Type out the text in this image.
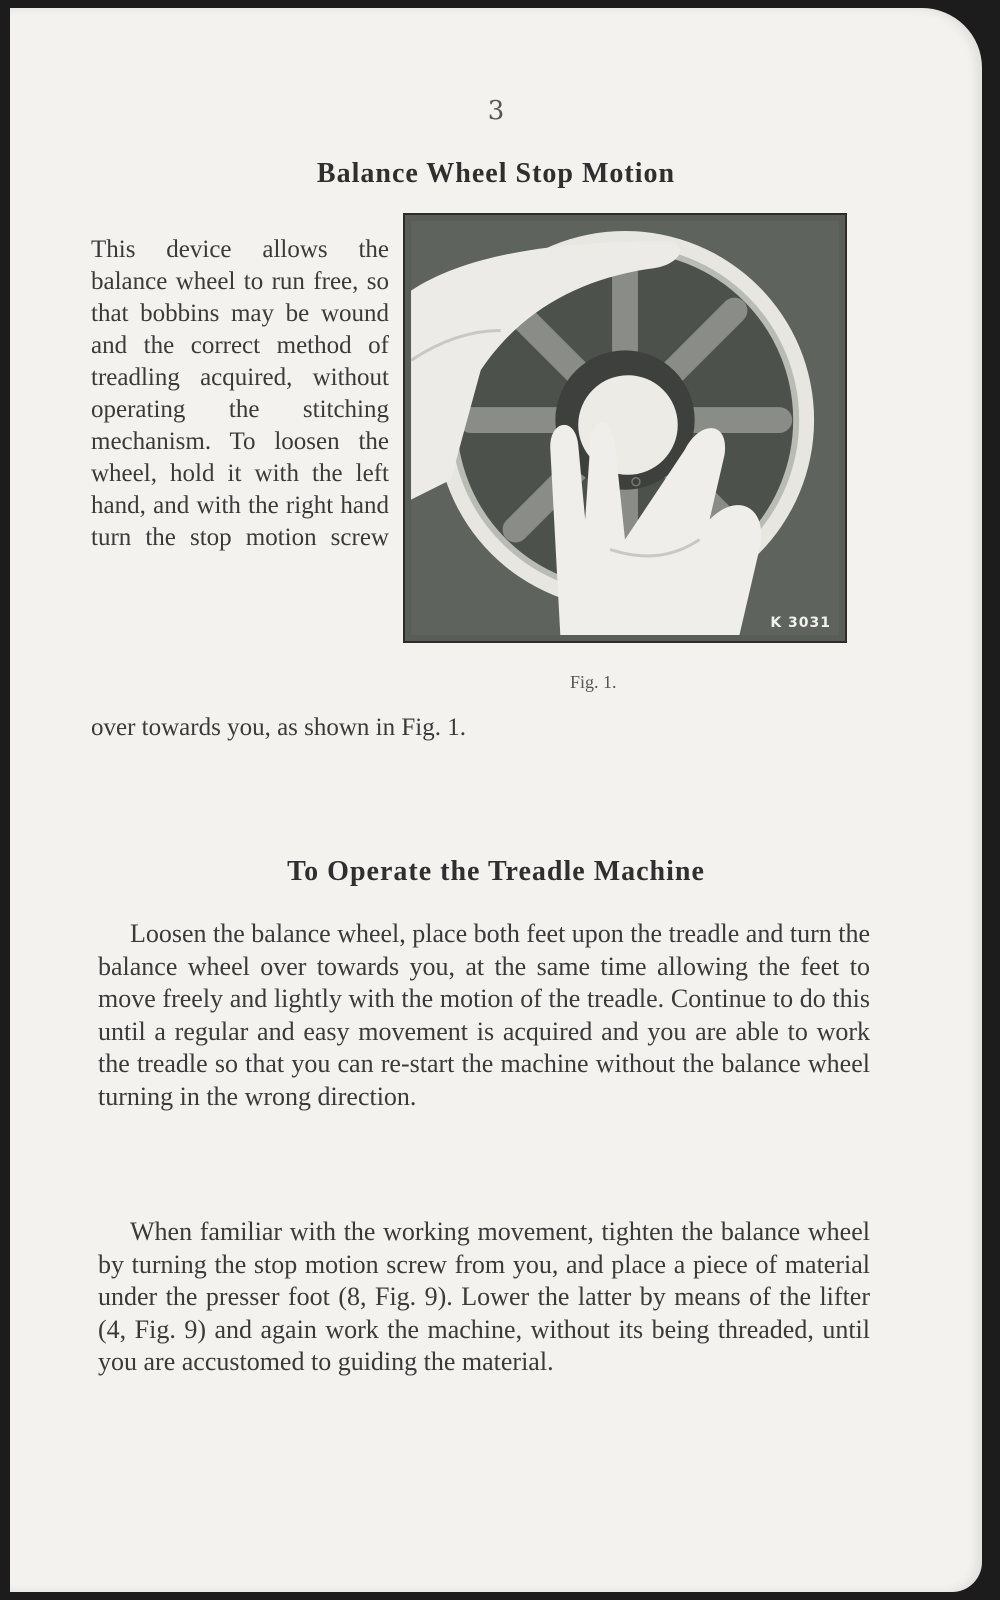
3
Balance Wheel Stop Motion

This device allows the balance wheel to run free, so that bobbins may be wound and the correct method of treadling acquired, without operating the stitching mechanism. To loosen the wheel, hold it with the left hand, and with the right hand turn the stop motion screw

K 3031
Fig. 1.
over towards you, as shown in Fig. 1.
To Operate the Treadle Machine

Loosen the balance wheel, place both feet upon the treadle and turn the balance wheel over towards you, at the same time allowing the feet to move freely and lightly with the motion of the treadle. Continue to do this until a regular and easy movement is acquired and you are able to work the treadle so that you can re-start the machine without the balance wheel turning in the wrong direction.

When familiar with the working movement, tighten the balance wheel by turning the stop motion screw from you, and place a piece of material under the presser foot (8, Fig. 9). Lower the latter by means of the lifter (4, Fig. 9) and again work the machine, without its being threaded, until you are accustomed to guiding the material.
